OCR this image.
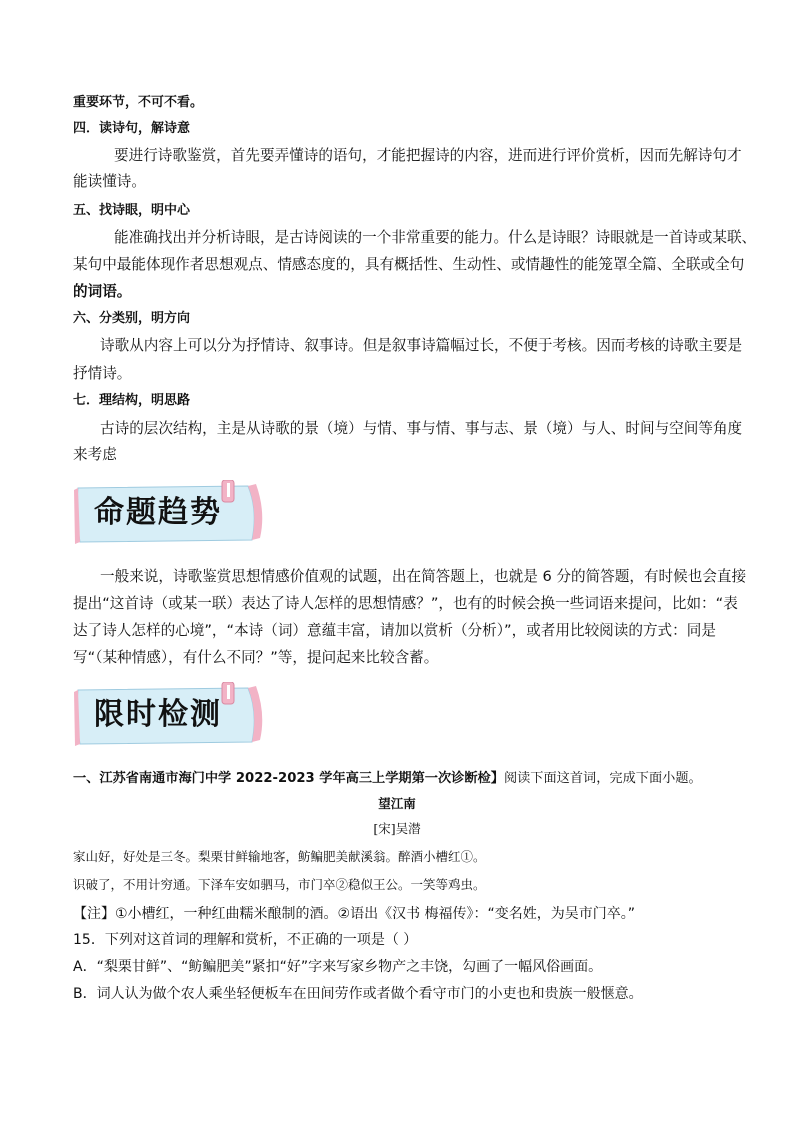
重要环节，不可不看。
四．读诗句，解诗意
要进行诗歌鉴赏，首先要弄懂诗的语句，才能把握诗的内容，进而进行评价赏析，因而先解诗句才
能读懂诗。
五、找诗眼，明中心
能准确找出并分析诗眼，是古诗阅读的一个非常重要的能力。什么是诗眼？诗眼就是一首诗或某联、
某句中最能体现作者思想观点、情感态度的，具有概括性、生动性、或情趣性的能笼罩全篇、全联或全句
的词语。
六、分类别，明方向
诗歌从内容上可以分为抒情诗、叙事诗。但是叙事诗篇幅过长，不便于考核。因而考核的诗歌主要是
抒情诗。
七．理结构，明思路
古诗的层次结构，主是从诗歌的景（境）与情、事与情、事与志、景（境）与人、时间与空间等角度
来考虑
命题趋势
一般来说，诗歌鉴赏思想情感价值观的试题，出在简答题上，也就是 6 分的简答题，有时候也会直接
提出“这首诗（或某一联）表达了诗人怎样的思想情感？”，也有的时候会换一些词语来提问，比如：“表
达了诗人怎样的心境”，“本诗（词）意蕴丰富，请加以赏析（分析）”，或者用比较阅读的方式：同是
写“（某种情感），有什么不同？”等，提问起来比较含蓄。
限时检测
一、江苏省南通市海门中学 2022-2023 学年高三上学期第一次诊断检】阅读下面这首词，完成下面小题。
望江南
[宋]吴潜
家山好，好处是三冬。梨栗甘鲜输地客，鲂鳊肥美献溪翁。醉酒小槽红①。
识破了，不用计穷通。下泽车安如驷马，市门卒②稳似王公。一笑等鸡虫。
【注】①小槽红，一种红曲糯米酿制的酒。②语出《汉书 梅福传》：“变名姓，为吴市门卒。”
15．下列对这首词的理解和赏析，不正确的一项是（ ）
A．“梨栗甘鲜”、“鲂鳊肥美”紧扣“好”字来写家乡物产之丰饶，勾画了一幅风俗画面。
B．词人认为做个农人乘坐轻便板车在田间劳作或者做个看守市门的小吏也和贵族一般惬意。
